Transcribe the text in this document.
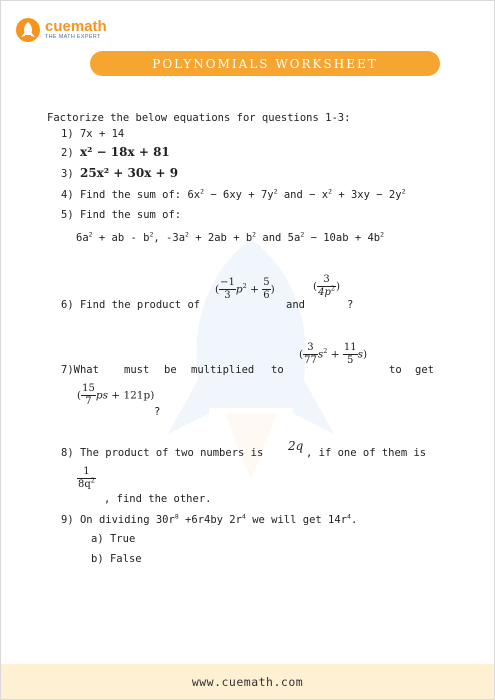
cuemath
THE MATH EXPERT
POLYNOMIALS WORKSHEET
Factorize the below equations for questions 1-3:
1) 7x + 14
2) x² − 18x + 81
3) 25x² + 30x + 9
4) Find the sum of: $6x^2 - 6xy + 7y^2$ and − $x^2 + 3xy - 2y^2$
5) Find the sum of:
$6a^2$ + ab - $b^2$, $-3a^2 + 2ab + b^2$ and $5a^2 - 10ab + 4b^2$
6) Find the product of
( $\frac{-1}{3} p^2 + \frac{5}{6}$ )
and
( $\frac{3}{4p^2}$ )
?
7)What must be multiplied to
( $\frac{3}{77} s^2 + \frac{11}{5} s$)
to get
( $\frac{15}{7}$ ps + 121p)
?
8) The product of two numbers is 2q , if one of them is
$\frac{1}{8q^2}$
, find the other.
9) On dividing $30r^8 +6r4by$ $2r^4$ we will get $14r^4$.
a) True
b) False
www.cuemath.com
